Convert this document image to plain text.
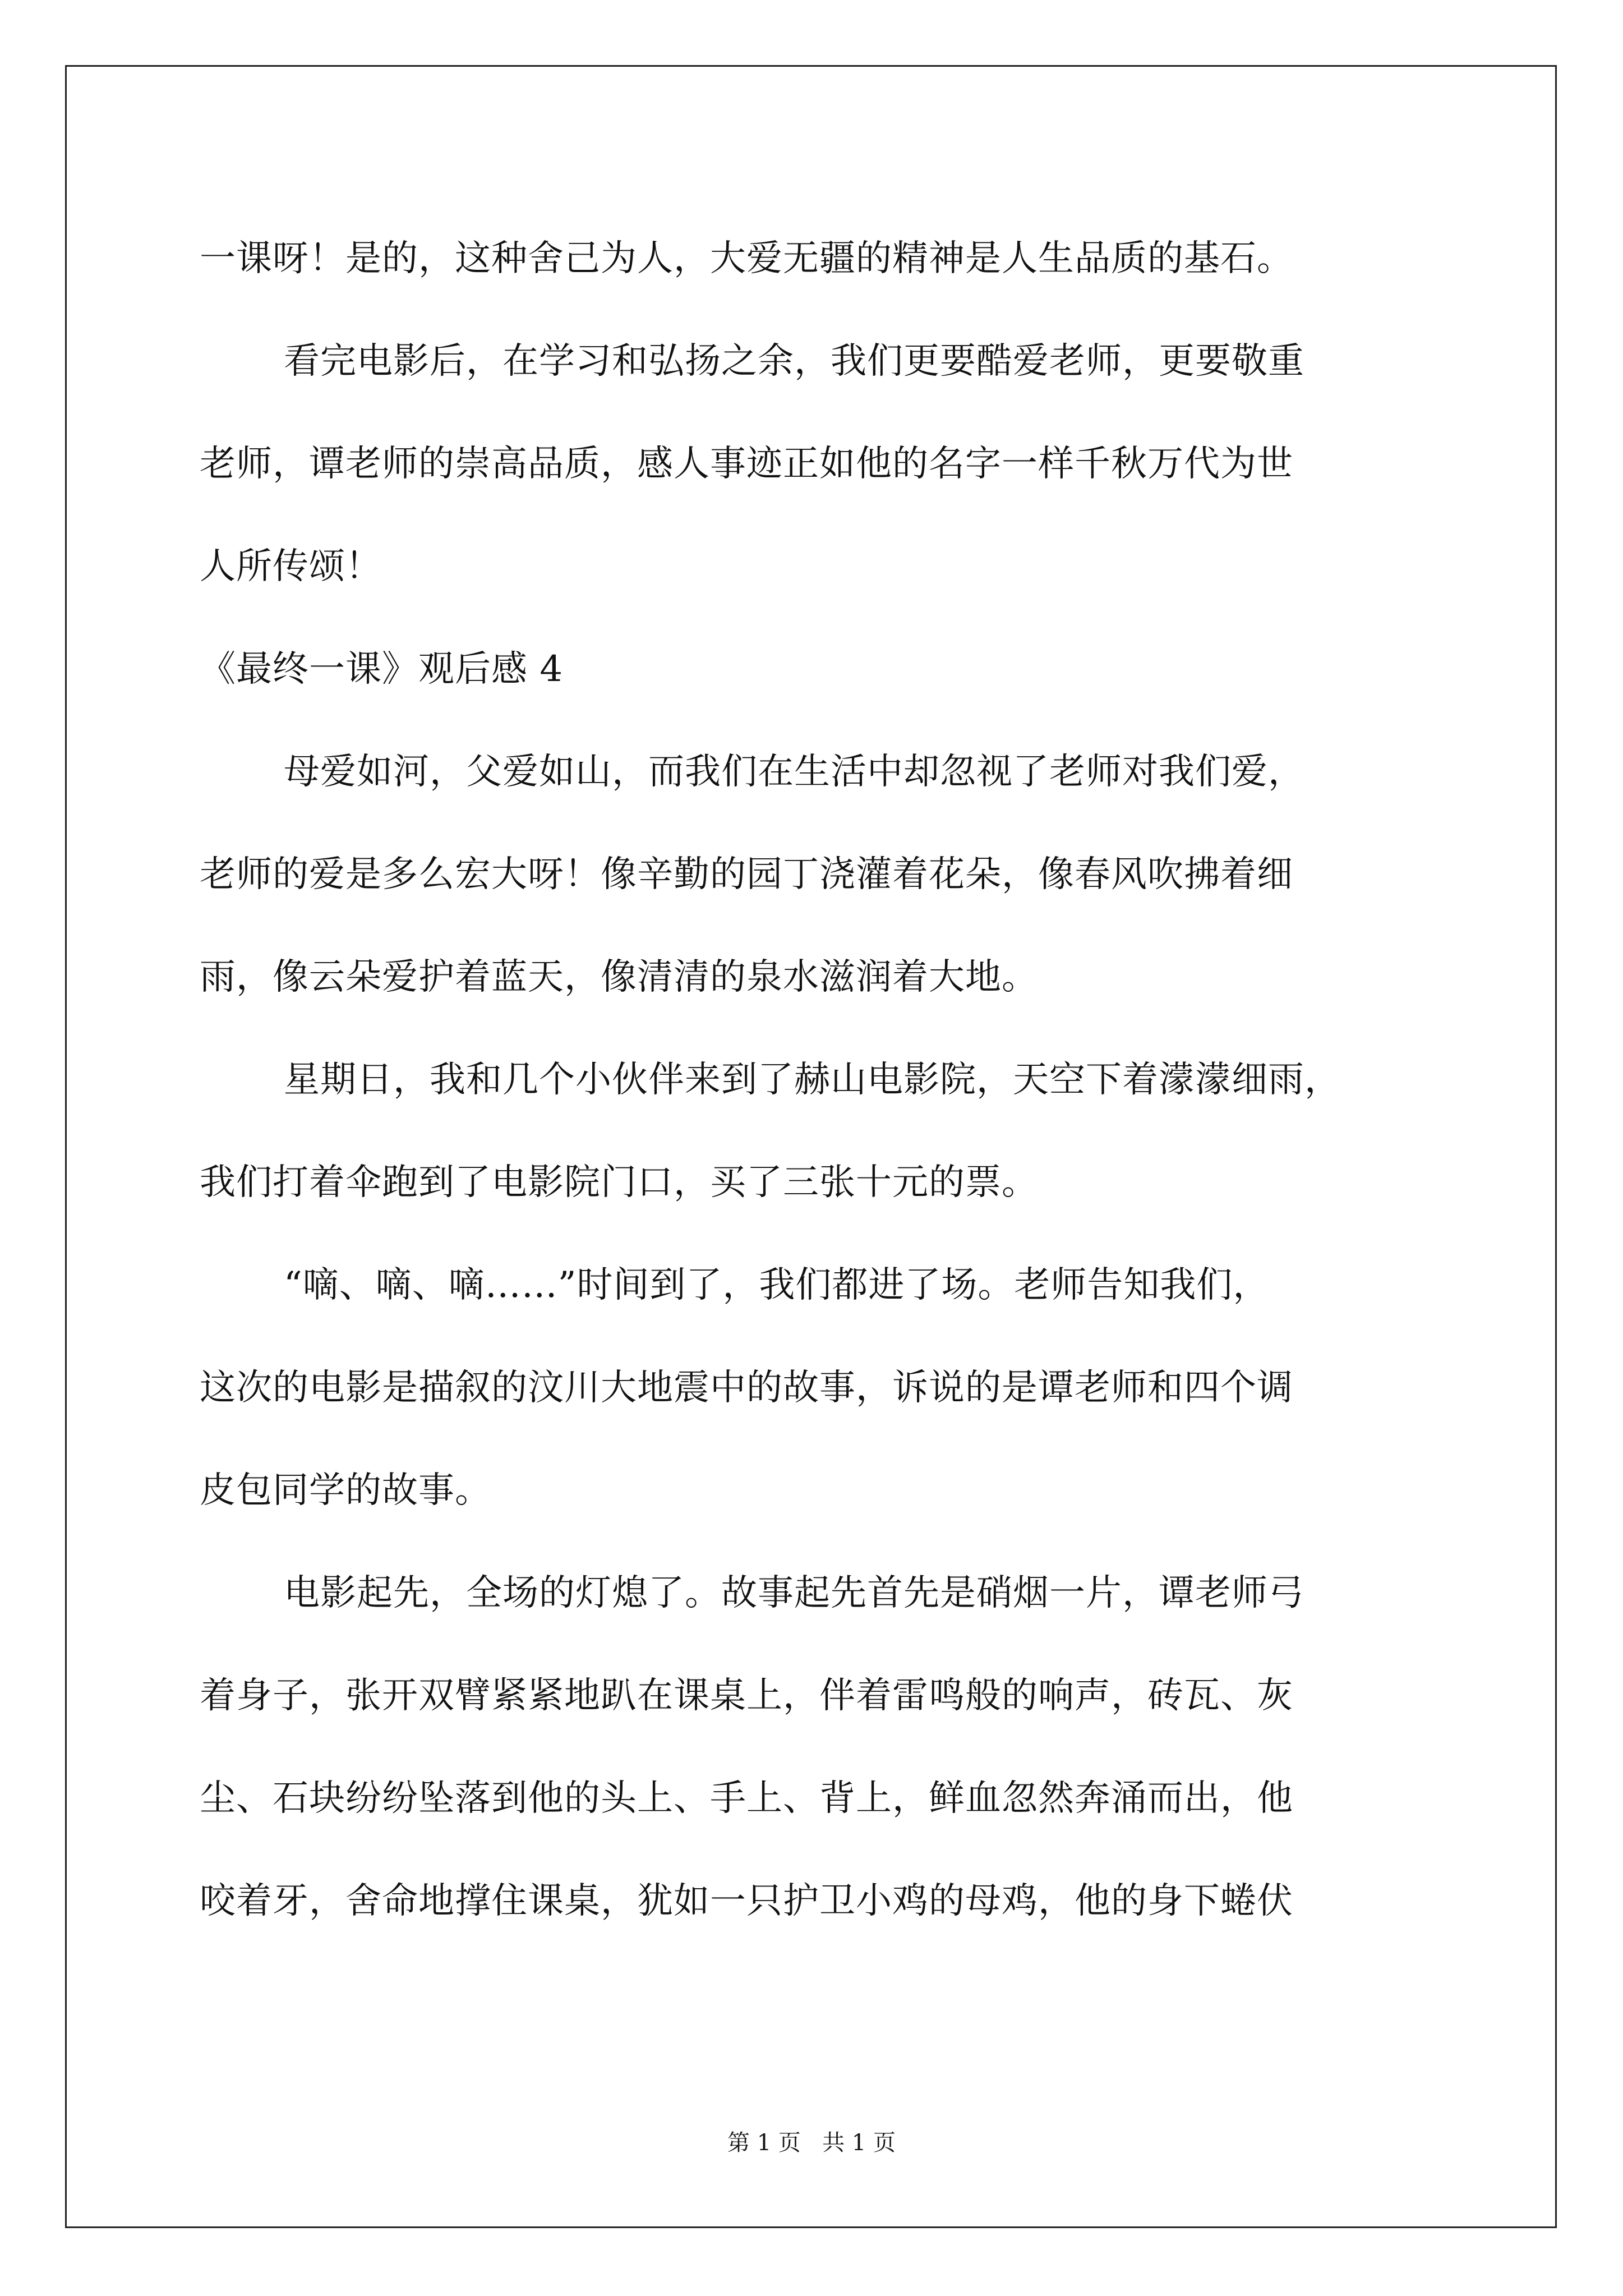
一课呀！是的，这种舍己为人，大爱无疆的精神是人生品质的基石。
看完电影后，在学习和弘扬之余，我们更要酷爱老师，更要敬重
老师，谭老师的崇高品质，感人事迹正如他的名字一样千秋万代为世
人所传颂！
《最终一课》观后感 4
母爱如河，父爱如山，而我们在生活中却忽视了老师对我们爱，
老师的爱是多么宏大呀！像辛勤的园丁浇灌着花朵，像春风吹拂着细
雨，像云朵爱护着蓝天，像清清的泉水滋润着大地。
星期日，我和几个小伙伴来到了赫山电影院，天空下着濛濛细雨，
我们打着伞跑到了电影院门口，买了三张十元的票。
“嘀、嘀、嘀……”时间到了，我们都进了场。老师告知我们，
这次的电影是描叙的汶川大地震中的故事，诉说的是谭老师和四个调
皮包同学的故事。
电影起先，全场的灯熄了。故事起先首先是硝烟一片，谭老师弓
着身子，张开双臂紧紧地趴在课桌上，伴着雷鸣般的响声，砖瓦、灰
尘、石块纷纷坠落到他的头上、手上、背上，鲜血忽然奔涌而出，他
咬着牙，舍命地撑住课桌，犹如一只护卫小鸡的母鸡，他的身下蜷伏
第 1 页   共 1 页
